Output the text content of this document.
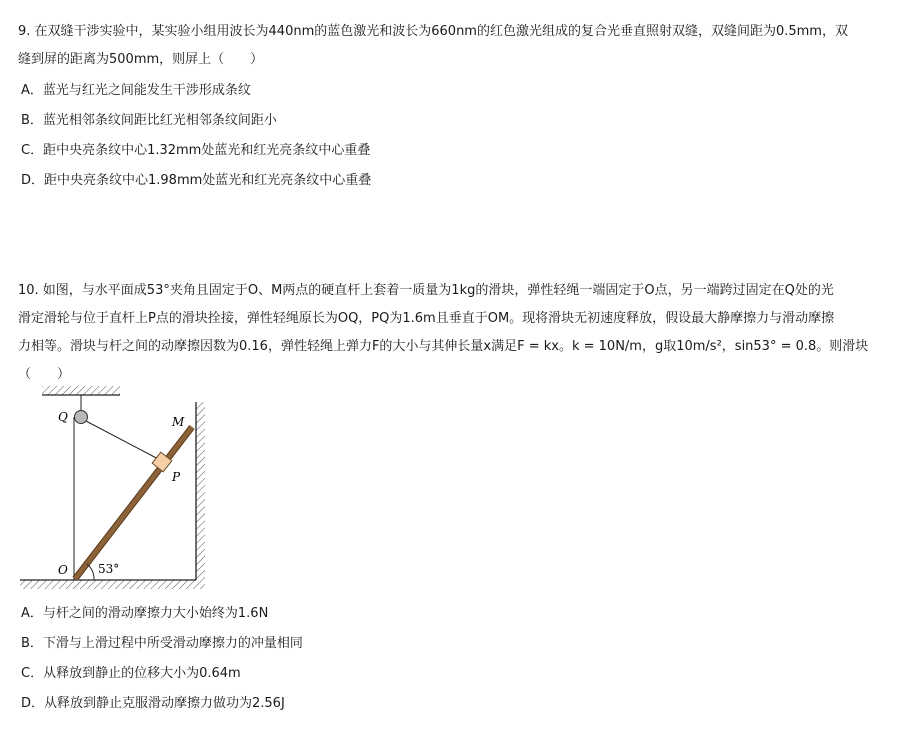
9. 在双缝干涉实验中，某实验小组用波长为440nm的蓝色激光和波长为660nm的红色激光组成的复合光垂直照射双缝，双缝间距为0.5mm，双
缝到屏的距离为500mm，则屏上（　　）
A．蓝光与红光之间能发生干涉形成条纹
B．蓝光相邻条纹间距比红光相邻条纹间距小
C．距中央亮条纹中心1.32mm处蓝光和红光亮条纹中心重叠
D．距中央亮条纹中心1.98mm处蓝光和红光亮条纹中心重叠
10. 如图，与水平面成53°夹角且固定于O、M两点的硬直杆上套着一质量为1kg的滑块，弹性轻绳一端固定于O点，另一端跨过固定在Q处的光
滑定滑轮与位于直杆上P点的滑块拴接，弹性轻绳原长为OQ，PQ为1.6m且垂直于OM。现将滑块无初速度释放，假设最大静摩擦力与滑动摩擦
力相等。滑块与杆之间的动摩擦因数为0.16，弹性轻绳上弹力F的大小与其伸长量x满足F = kx。k = 10N/m，g取10m/s²，sin53° = 0.8。则滑块
（　　）
Q	M
P
O	53°
A．与杆之间的滑动摩擦力大小始终为1.6N
B．下滑与上滑过程中所受滑动摩擦力的冲量相同
C．从释放到静止的位移大小为0.64m
D．从释放到静止克服滑动摩擦力做功为2.56J
